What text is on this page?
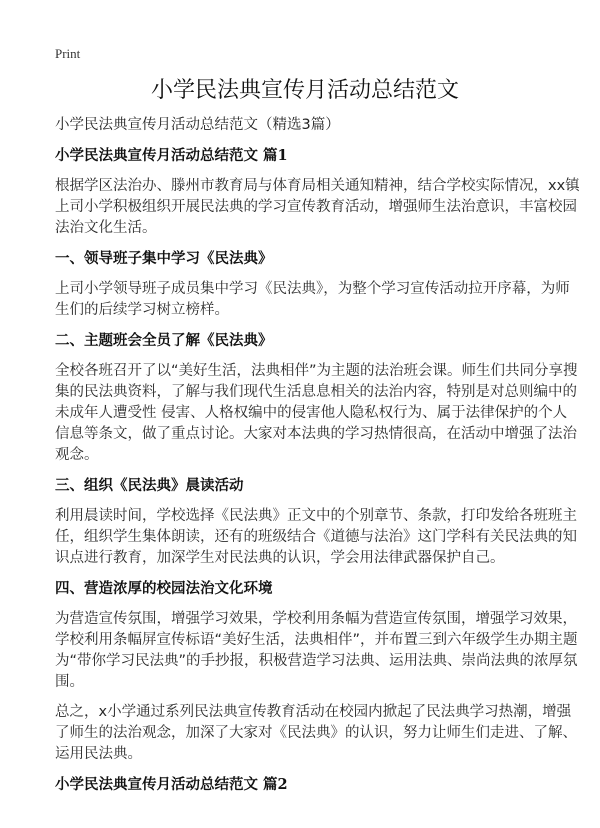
Print
小学民法典宣传月活动总结范文
小学民法典宣传月活动总结范文（精选3篇）
小学民法典宣传月活动总结范文 篇1
根据学区法治办、滕州市教育局与体育局相关通知精神，结合学校实际情况，xx镇
上司小学积极组织开展民法典的学习宣传教育活动，增强师生法治意识，丰富校园
法治文化生活。
一、领导班子集中学习《民法典》
上司小学领导班子成员集中学习《民法典》，为整个学习宣传活动拉开序幕，为师
生们的后续学习树立榜样。
二、主题班会全员了解《民法典》
全校各班召开了以“美好生活，法典相伴”为主题的法治班会课。师生们共同分享搜
集的民法典资料，了解与我们现代生活息息相关的法治内容，特别是对总则编中的
未成年人遭受性 侵害、人格权编中的侵害他人隐私权行为、属于法律保护的个人
信息等条文，做了重点讨论。大家对本法典的学习热情很高，在活动中增强了法治
观念。
三、组织《民法典》晨读活动
利用晨读时间，学校选择《民法典》正文中的个别章节、条款，打印发给各班班主
任，组织学生集体朗读，还有的班级结合《道德与法治》这门学科有关民法典的知
识点进行教育，加深学生对民法典的认识，学会用法律武器保护自己。
四、营造浓厚的校园法治文化环境
为营造宣传氛围，增强学习效果，学校利用条幅为营造宣传氛围，增强学习效果，
学校利用条幅屏宣传标语“美好生活，法典相伴”，并布置三到六年级学生办期主题
为“带你学习民法典”的手抄报，积极营造学习法典、运用法典、崇尚法典的浓厚氛
围。
总之，x小学通过系列民法典宣传教育活动在校园内掀起了民法典学习热潮，增强
了师生的法治观念，加深了大家对《民法典》的认识，努力让师生们走进、了解、
运用民法典。
小学民法典宣传月活动总结范文 篇2
